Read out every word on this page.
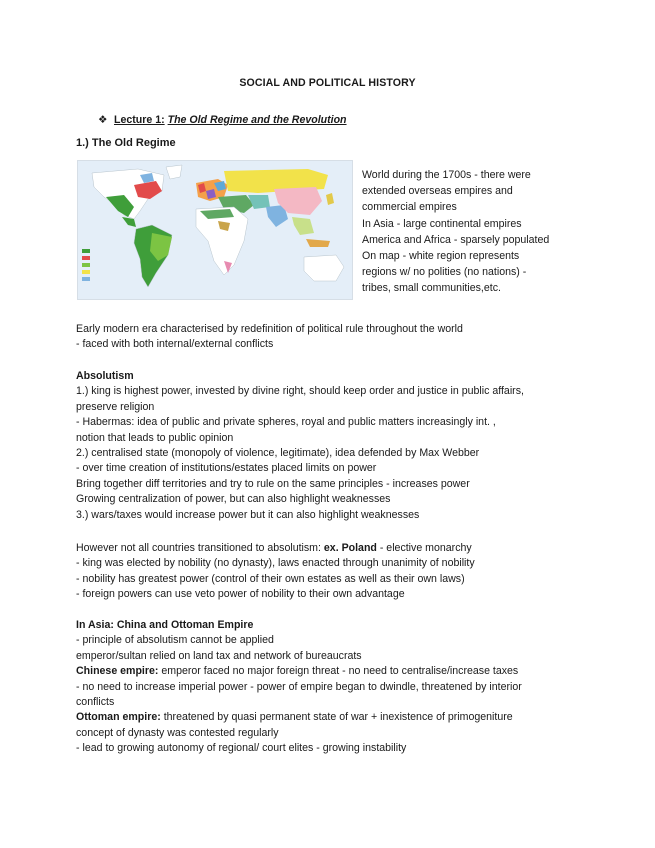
SOCIAL AND POLITICAL HISTORY
❖ Lecture 1: The Old Regime and the Revolution
1.) The Old Regime
World during the 1700s - there were
extended overseas empires and
commercial empires
In Asia - large continental empires
America and Africa - sparsely populated
On map - white region represents
regions w/ no polities (no nations) -
tribes, small communities,etc.

Early modern era characterised by redefinition of political rule throughout the world

- faced with both internal/external conflicts

Absolutism

1.) king is highest power, invested by divine right, should keep order and justice in public affairs,

preserve religion

- Habermas: idea of public and private spheres, royal and public matters increasingly int. ,

notion that leads to public opinion

2.) centralised state (monopoly of violence, legitimate), idea defended by Max Webber

- over time creation of institutions/estates placed limits on power

Bring together diff territories and try to rule on the same principles - increases power

Growing centralization of power, but can also highlight weaknesses

3.) wars/taxes would increase power but it can also highlight weaknesses

However not all countries transitioned to absolutism: ex. Poland - elective monarchy

- king was elected by nobility (no dynasty), laws enacted through unanimity of nobility

- nobility has greatest power (control of their own estates as well as their own laws)

- foreign powers can use veto power of nobility to their own advantage

In Asia: China and Ottoman Empire

- principle of absolutism cannot be applied

emperor/sultan relied on land tax and network of bureaucrats

Chinese empire: emperor faced no major foreign threat - no need to centralise/increase taxes

- no need to increase imperial power - power of empire began to dwindle, threatened by interior

conflicts

Ottoman empire: threatened by quasi permanent state of war + inexistence of primogeniture

concept of dynasty was contested regularly

- lead to growing autonomy of regional/ court elites - growing instability
